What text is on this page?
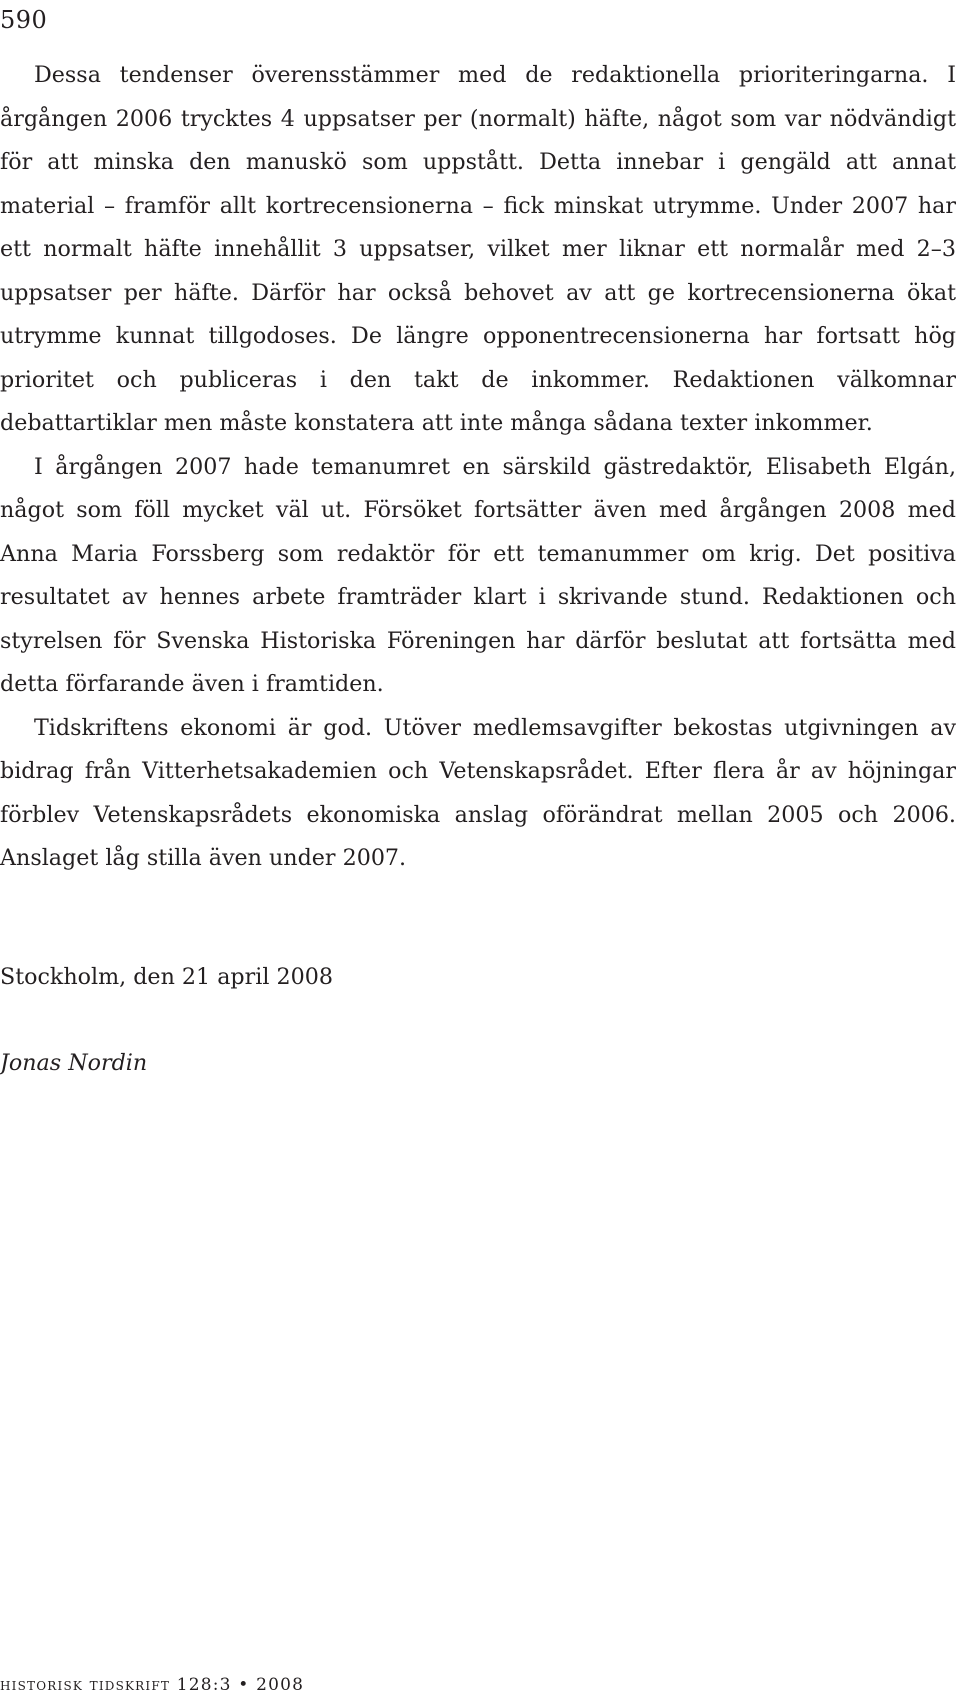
590

Dessa tendenser överensstämmer med de redaktionella prioriteringarna. I årgången 2006 trycktes 4 uppsatser per (normalt) häfte, något som var nödvändigt för att minska den manuskö som uppstått. Detta innebar i gengäld att annat material – framför allt kortrecensionerna – fick minskat utrymme. Under 2007 har ett normalt häfte innehållit 3 uppsatser, vilket mer liknar ett normalår med 2–3 uppsatser per häfte. Därför har också behovet av att ge kortrecensionerna ökat utrymme kunnat tillgodoses. De längre opponentrecensionerna har fortsatt hög prioritet och publiceras i den takt de inkommer. Redaktionen välkomnar debattartiklar men måste konstatera att inte många sådana texter inkommer.

I årgången 2007 hade temanumret en särskild gästredaktör, Elisabeth Elgán, något som föll mycket väl ut. Försöket fortsätter även med årgången 2008 med Anna Maria Forssberg som redaktör för ett temanummer om krig. Det positiva resultatet av hennes arbete framträder klart i skrivande stund. Redaktionen och styrelsen för Svenska Historiska Föreningen har därför beslutat att fortsätta med detta förfarande även i framtiden.

Tidskriftens ekonomi är god. Utöver medlemsavgifter bekostas utgivningen av bidrag från Vitterhetsakademien och Vetenskapsrådet. Efter flera år av höjningar förblev Vetenskapsrådets ekonomiska anslag oförändrat mellan 2005 och 2006. Anslaget låg stilla även under 2007.

Stockholm, den 21 april 2008
Jonas Nordin
historisk tidskrift 128:3 • 2008
